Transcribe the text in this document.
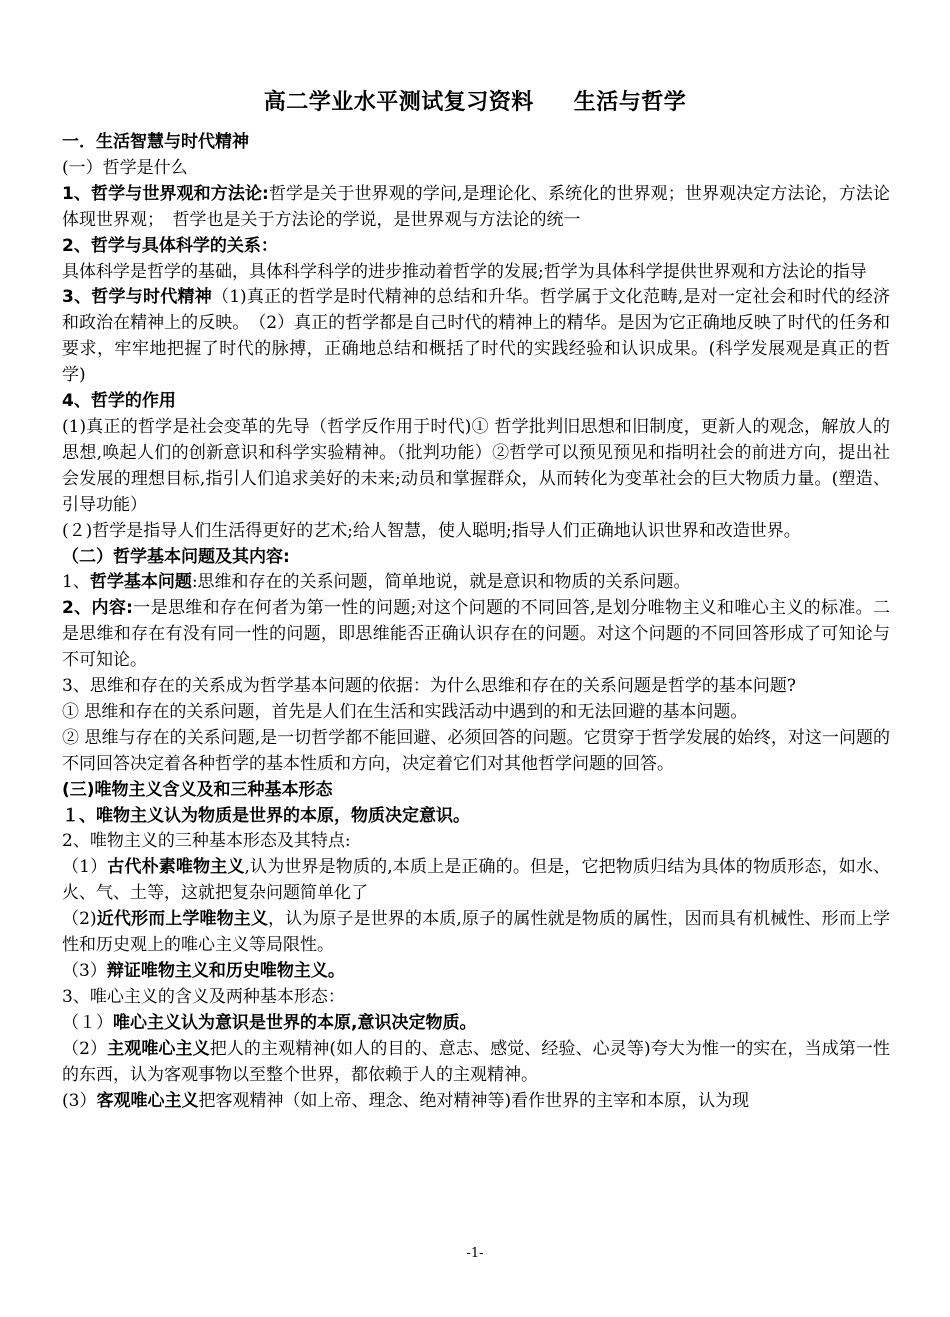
高二学业水平测试复习资料 生活与哲学

一．生活智慧与时代精神

(一）哲学是什么

1、哲学与世界观和方法论:哲学是关于世界观的学问,是理论化、系统化的世界观；世界观决定方法论，方法论体现世界观；　哲学也是关于方法论的学说，是世界观与方法论的统一

2、哲学与具体科学的关系：

具体科学是哲学的基础，具体科学科学的进步推动着哲学的发展;哲学为具体科学提供世界观和方法论的指导

3、哲学与时代精神（1)真正的哲学是时代精神的总结和升华。哲学属于文化范畴,是对一定社会和时代的经济和政治在精神上的反映。　（2）真正的哲学都是自己时代的精神上的精华。是因为它正确地反映了时代的任务和要求，牢牢地把握了时代的脉搏，正确地总结和概括了时代的实践经验和认识成果。(科学发展观是真正的哲学)

4、哲学的作用

(1)真正的哲学是社会变革的先导（哲学反作用于时代)① 哲学批判旧思想和旧制度，更新人的观念，解放人的思想,唤起人们的创新意识和科学实验精神。（批判功能）②哲学可以预见预见和指明社会的前进方向，提出社会发展的理想目标,指引人们追求美好的未来;动员和掌握群众，从而转化为变革社会的巨大物质力量。(塑造、引导功能）

(２)哲学是指导人们生活得更好的艺术;给人智慧，使人聪明;指导人们正确地认识世界和改造世界。

（二）哲学基本问题及其内容:

1、哲学基本问题:思维和存在的关系问题，简单地说，就是意识和物质的关系问题。

2、内容:一是思维和存在何者为第一性的问题;对这个问题的不同回答,是划分唯物主义和唯心主义的标准。二是思维和存在有没有同一性的问题，即思维能否正确认识存在的问题。对这个问题的不同回答形成了可知论与不可知论。

3、思维和存在的关系成为哲学基本问题的依据：为什么思维和存在的关系问题是哲学的基本问题?

① 思维和存在的关系问题，首先是人们在生活和实践活动中遇到的和无法回避的基本问题。

② 思维与存在的关系问题,是一切哲学都不能回避、必须回答的问题。它贯穿于哲学发展的始终，对这一问题的不同回答决定着各种哲学的基本性质和方向，决定着它们对其他哲学问题的回答。

(三)唯物主义含义及和三种基本形态

１、唯物主义认为物质是世界的本原，物质决定意识。

2、唯物主义的三种基本形态及其特点:

（1）古代朴素唯物主义,认为世界是物质的,本质上是正确的。但是，它把物质归结为具体的物质形态，如水、火、气、土等，这就把复杂问题简单化了

（2)近代形而上学唯物主义，认为原子是世界的本质,原子的属性就是物质的属性，因而具有机械性、形而上学性和历史观上的唯心主义等局限性。

（3）辩证唯物主义和历史唯物主义。

3、唯心主义的含义及两种基本形态：

（１）唯心主义认为意识是世界的本原,意识决定物质。

（2）主观唯心主义把人的主观精神(如人的目的、意志、感觉、经验、心灵等)夸大为惟一的实在，当成第一性的东西，认为客观事物以至整个世界，都依赖于人的主观精神。

(3）客观唯心主义把客观精神（如上帝、理念、绝对精神等)看作世界的主宰和本原，认为现

-1-
